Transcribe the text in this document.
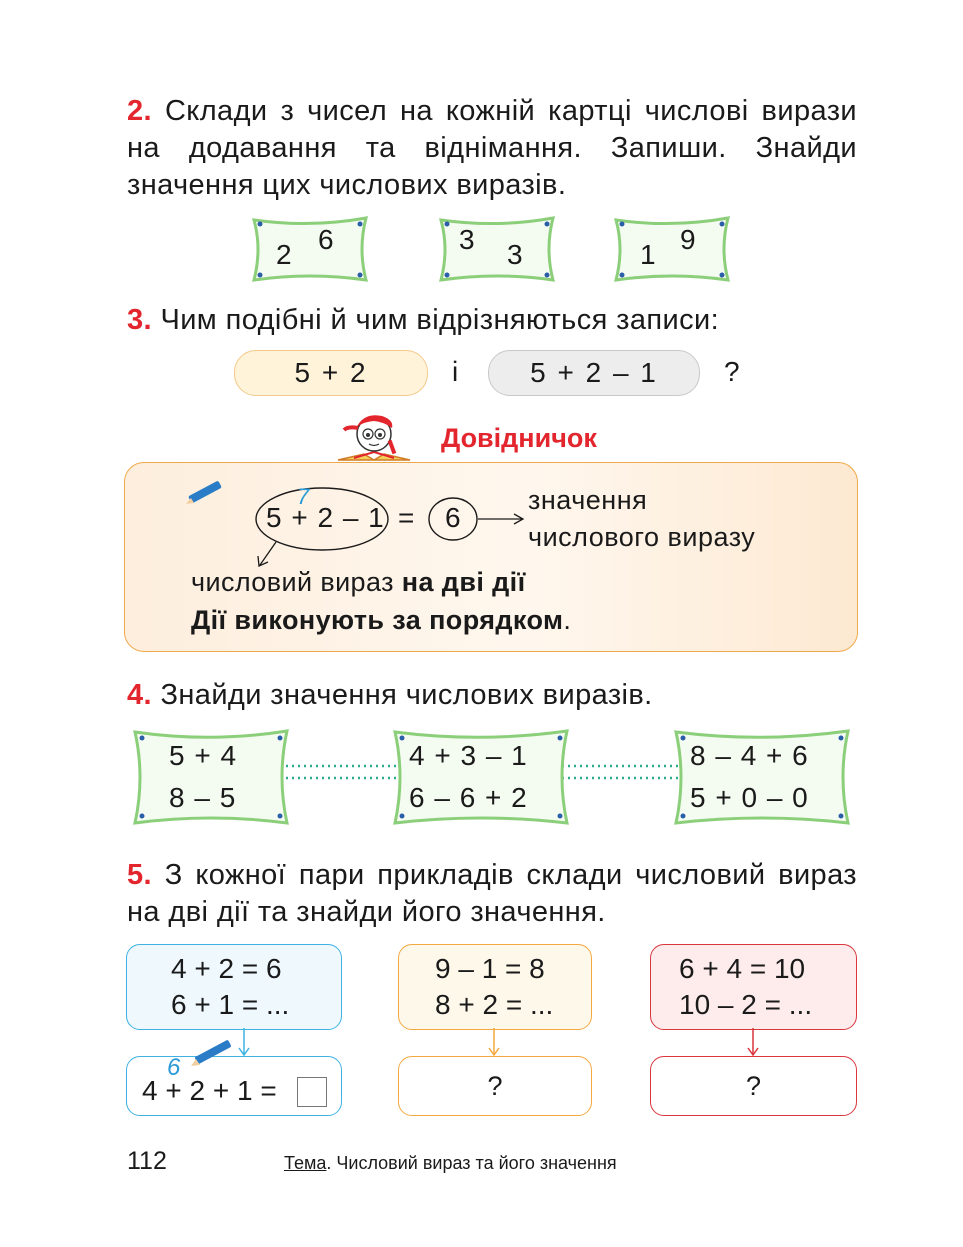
2. Склади з чисел на кожній картці числові вирази на додавання та віднімання. Запиши. Знайди значення цих числових виразів.
2 6	3 3	1 9
3. Чим подібні й чим відрізняються записи:
5 + 2	і	5 + 2 – 1	?
Довідничок
7
5 + 2 – 1 = 6
значення
числового виразу
числовий вираз на дві дії
Дії виконують за порядком.
4. Знайди значення числових виразів.
5 + 4
8 – 5
4 + 3 – 1
6 – 6 + 2
8 – 4 + 6
5 + 0 – 0
5. З кожної пари прикладів склади числовий вираз на дві дії та знайди його значення.
4 + 2 = 6
6 + 1 = ...
4 + 2 + 1 =
6
9 – 1 = 8
8 + 2 = ...
?
6 + 4 = 10
10 – 2 = ...
?
112	Тема. Числовий вираз та його значення
